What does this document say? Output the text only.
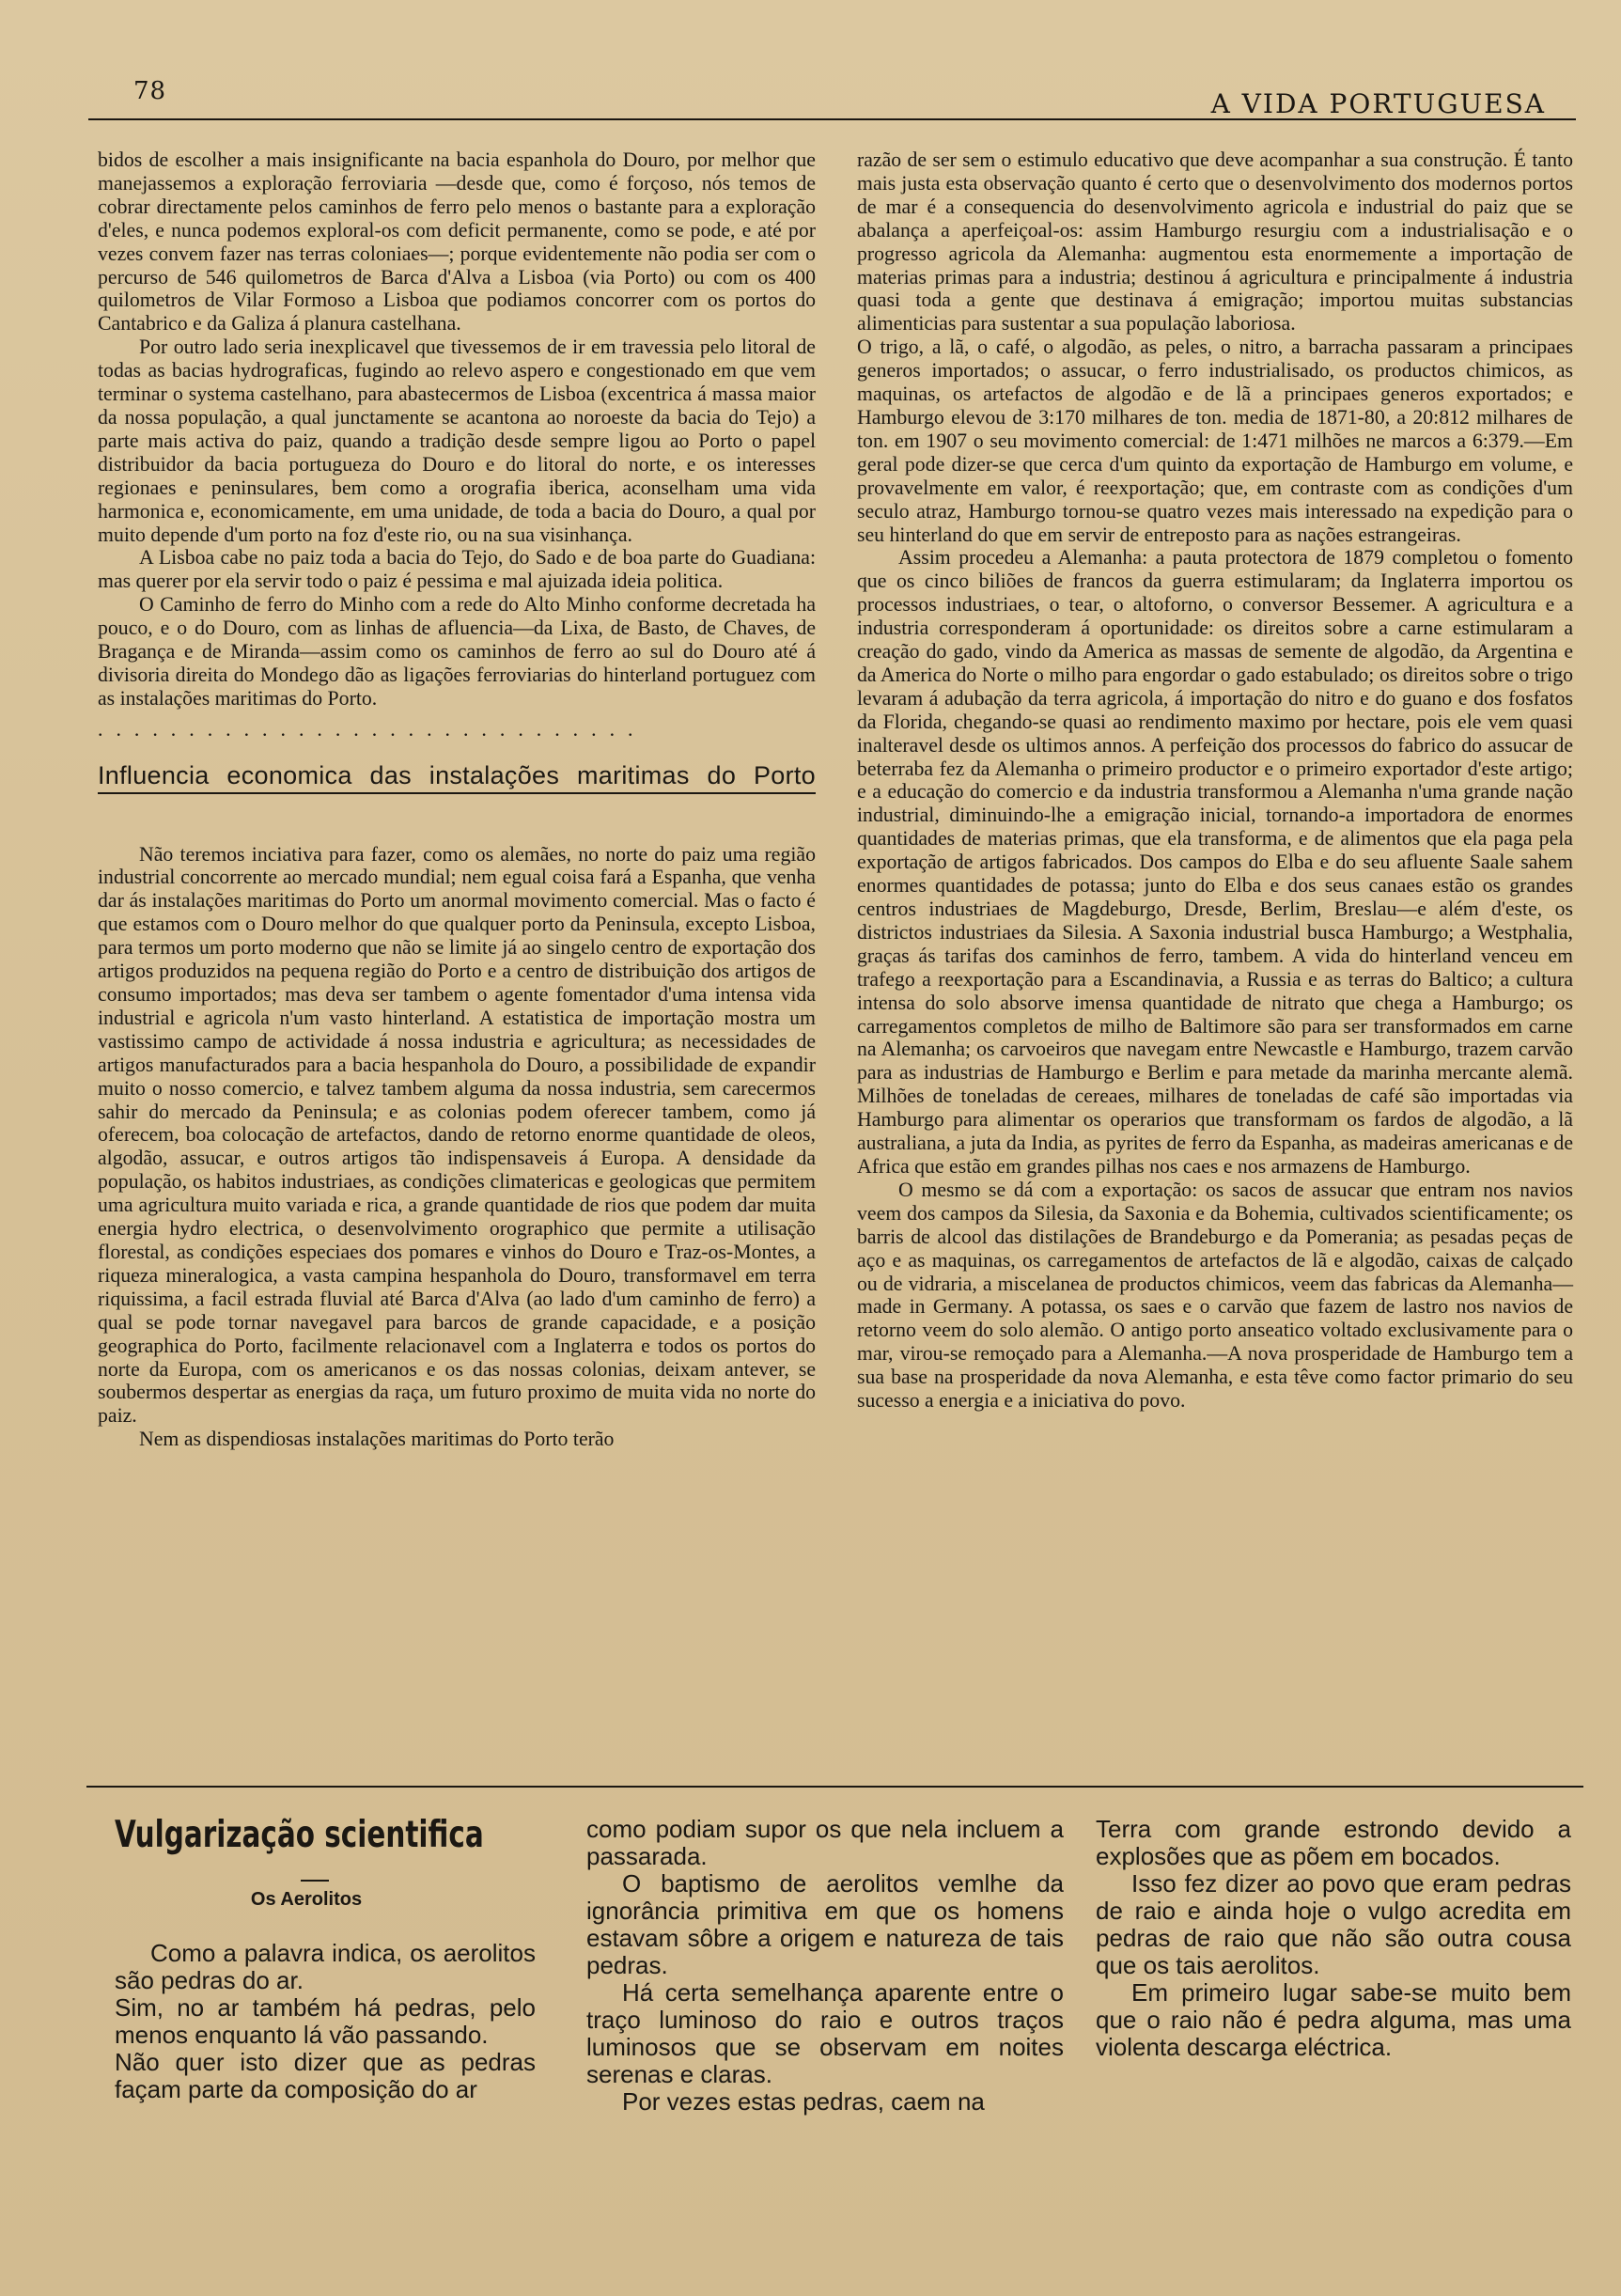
78	A VIDA PORTUGUESA

bidos de escolher a mais insignificante na bacia espanhola do Douro, por melhor que manejassemos a exploração ferroviaria —desde que, como é forçoso, nós temos de cobrar directamente pelos caminhos de ferro pelo menos o bastante para a exploração d'eles, e nunca podemos exploral-os com deficit permanente, como se pode, e até por vezes convem fazer nas terras coloniaes—; porque evidentemente não podia ser com o percurso de 546 quilometros de Barca d'Alva a Lisboa (via Porto) ou com os 400 quilometros de Vilar Formoso a Lisboa que podiamos concorrer com os portos do Cantabrico e da Galiza á planura castelhana.

Por outro lado seria inexplicavel que tivessemos de ir em travessia pelo litoral de todas as bacias hydrograficas, fugindo ao relevo aspero e congestionado em que vem terminar o systema castelhano, para abastecermos de Lisboa (excentrica á massa maior da nossa população, a qual junctamente se acantona ao noroeste da bacia do Tejo) a parte mais activa do paiz, quando a tradição desde sempre ligou ao Porto o papel distribuidor da bacia portugueza do Douro e do litoral do norte, e os interesses regionaes e peninsulares, bem como a orografia iberica, aconselham uma vida harmonica e, economicamente, em uma unidade, de toda a bacia do Douro, a qual por muito depende d'um porto na foz d'este rio, ou na sua visinhança.

A Lisboa cabe no paiz toda a bacia do Tejo, do Sado e de boa parte do Guadiana: mas querer por ela servir todo o paiz é pessima e mal ajuizada ideia politica.

O Caminho de ferro do Minho com a rede do Alto Minho conforme decretada ha pouco, e o do Douro, com as linhas de afluencia—da Lixa, de Basto, de Chaves, de Bragança e de Miranda—assim como os caminhos de ferro ao sul do Douro até á divisoria direita do Mondego dão as ligações ferroviarias do hinterland portuguez com as instalações maritimas do Porto.

..............................
Influencia economica das instalações maritimas do Porto

Não teremos inciativa para fazer, como os alemães, no norte do paiz uma região industrial concorrente ao mercado mundial; nem egual coisa fará a Espanha, que venha dar ás instalações maritimas do Porto um anormal movimento comercial. Mas o facto é que estamos com o Douro melhor do que qualquer porto da Peninsula, excepto Lisboa, para termos um porto moderno que não se limite já ao singelo centro de exportação dos artigos produzidos na pequena região do Porto e a centro de distribuição dos artigos de consumo importados; mas deva ser tambem o agente fomentador d'uma intensa vida industrial e agricola n'um vasto hinterland. A estatistica de importação mostra um vastissimo campo de actividade á nossa industria e agricultura; as necessidades de artigos manufacturados para a bacia hespanhola do Douro, a possibilidade de expandir muito o nosso comercio, e talvez tambem alguma da nossa industria, sem carecermos sahir do mercado da Peninsula; e as colonias podem oferecer tambem, como já oferecem, boa colocação de artefactos, dando de retorno enorme quantidade de oleos, algodão, assucar, e outros artigos tão indispensaveis á Europa. A densidade da população, os habitos industriaes, as condições climatericas e geologicas que permitem uma agricultura muito variada e rica, a grande quantidade de rios que podem dar muita energia hydro electrica, o desenvolvimento orographico que permite a utilisação florestal, as condições especiaes dos pomares e vinhos do Douro e Traz-os-Montes, a riqueza mineralogica, a vasta campina hespanhola do Douro, transformavel em terra riquissima, a facil estrada fluvial até Barca d'Alva (ao lado d'um caminho de ferro) a qual se pode tornar navegavel para barcos de grande capacidade, e a posição geographica do Porto, facilmente relacionavel com a Inglaterra e todos os portos do norte da Europa, com os americanos e os das nossas colonias, deixam antever, se soubermos despertar as energias da raça, um futuro proximo de muita vida no norte do paiz.

Nem as dispendiosas instalações maritimas do Porto terão

razão de ser sem o estimulo educativo que deve acompanhar a sua construção. É tanto mais justa esta observação quanto é certo que o desenvolvimento dos modernos portos de mar é a consequencia do desenvolvimento agricola e industrial do paiz que se abalança a aperfeiçoal-os: assim Hamburgo resurgiu com a industrialisação e o progresso agricola da Alemanha: augmentou esta enormemente a importação de materias primas para a industria; destinou á agricultura e principalmente á industria quasi toda a gente que destinava á emigração; importou muitas substancias alimenticias para sustentar a sua população laboriosa.

O trigo, a lã, o café, o algodão, as peles, o nitro, a barracha passaram a principaes generos importados; o assucar, o ferro industrialisado, os productos chimicos, as maquinas, os artefactos de algodão e de lã a principaes generos exportados; e Hamburgo elevou de 3:170 milhares de ton. media de 1871-80, a 20:812 milhares de ton. em 1907 o seu movimento comercial: de 1:471 milhões ne marcos a 6:379.—Em geral pode dizer-se que cerca d'um quinto da exportação de Hamburgo em volume, e provavelmente em valor, é reexportação; que, em contraste com as condições d'um seculo atraz, Hamburgo tornou-se quatro vezes mais interessado na expedição para o seu hinterland do que em servir de entreposto para as nações estrangeiras.

Assim procedeu a Alemanha: a pauta protectora de 1879 completou o fomento que os cinco biliões de francos da guerra estimularam; da Inglaterra importou os processos industriaes, o tear, o altoforno, o conversor Bessemer. A agricultura e a industria corresponderam á oportunidade: os direitos sobre a carne estimularam a creação do gado, vindo da America as massas de semente de algodão, da Argentina e da America do Norte o milho para engordar o gado estabulado; os direitos sobre o trigo levaram á adubação da terra agricola, á importação do nitro e do guano e dos fosfatos da Florida, chegando-se quasi ao rendimento maximo por hectare, pois ele vem quasi inalteravel desde os ultimos annos. A perfeição dos processos do fabrico do assucar de beterraba fez da Alemanha o primeiro productor e o primeiro exportador d'este artigo; e a educação do comercio e da industria transformou a Alemanha n'uma grande nação industrial, diminuindo-lhe a emigração inicial, tornando-a importadora de enormes quantidades de materias primas, que ela transforma, e de alimentos que ela paga pela exportação de artigos fabricados. Dos campos do Elba e do seu afluente Saale sahem enormes quantidades de potassa; junto do Elba e dos seus canaes estão os grandes centros industriaes de Magdeburgo, Dresde, Berlim, Breslau—e além d'este, os districtos industriaes da Silesia. A Saxonia industrial busca Hamburgo; a Westphalia, graças ás tarifas dos caminhos de ferro, tambem. A vida do hinterland venceu em trafego a reexportação para a Escandinavia, a Russia e as terras do Baltico; a cultura intensa do solo absorve imensa quantidade de nitrato que chega a Hamburgo; os carregamentos completos de milho de Baltimore são para ser transformados em carne na Alemanha; os carvoeiros que navegam entre Newcastle e Hamburgo, trazem carvão para as industrias de Hamburgo e Berlim e para metade da marinha mercante alemã. Milhões de toneladas de cereaes, milhares de toneladas de café são importadas via Hamburgo para alimentar os operarios que transformam os fardos de algodão, a lã australiana, a juta da India, as pyrites de ferro da Espanha, as madeiras americanas e de Africa que estão em grandes pilhas nos caes e nos armazens de Hamburgo.

O mesmo se dá com a exportação: os sacos de assucar que entram nos navios veem dos campos da Silesia, da Saxonia e da Bohemia, cultivados scientificamente; os barris de alcool das distilações de Brandeburgo e da Pomerania; as pesadas peças de aço e as maquinas, os carregamentos de artefactos de lã e algodão, caixas de calçado ou de vidraria, a miscelanea de productos chimicos, veem das fabricas da Alemanha—made in Germany. A potassa, os saes e o carvão que fazem de lastro nos navios de retorno veem do solo alemão. O antigo porto anseatico voltado exclusivamente para o mar, virou-se remoçado para a Alemanha.—A nova prosperidade de Hamburgo tem a sua base na prosperidade da nova Alemanha, e esta têve como factor primario do seu sucesso a energia e a iniciativa do povo.

Vulgarização scientifica
Os Aerolitos

Como a palavra indica, os aerolitos são pedras do ar.

Sim, no ar também há pedras, pelo menos enquanto lá vão passando.

Não quer isto dizer que as pedras façam parte da composição do ar

como podiam supor os que nela incluem a passarada.

O baptismo de aerolitos vemlhe da ignorância primitiva em que os homens estavam sôbre a origem e natureza de tais pedras.

Há certa semelhança aparente entre o traço luminoso do raio e outros traços luminosos que se observam em noites serenas e claras.

Por vezes estas pedras, caem na

Terra com grande estrondo devido a explosões que as põem em bocados.

Isso fez dizer ao povo que eram pedras de raio e ainda hoje o vulgo acredita em pedras de raio que não são outra cousa que os tais aerolitos.

Em primeiro lugar sabe-se muito bem que o raio não é pedra alguma, mas uma violenta descarga eléctrica.
